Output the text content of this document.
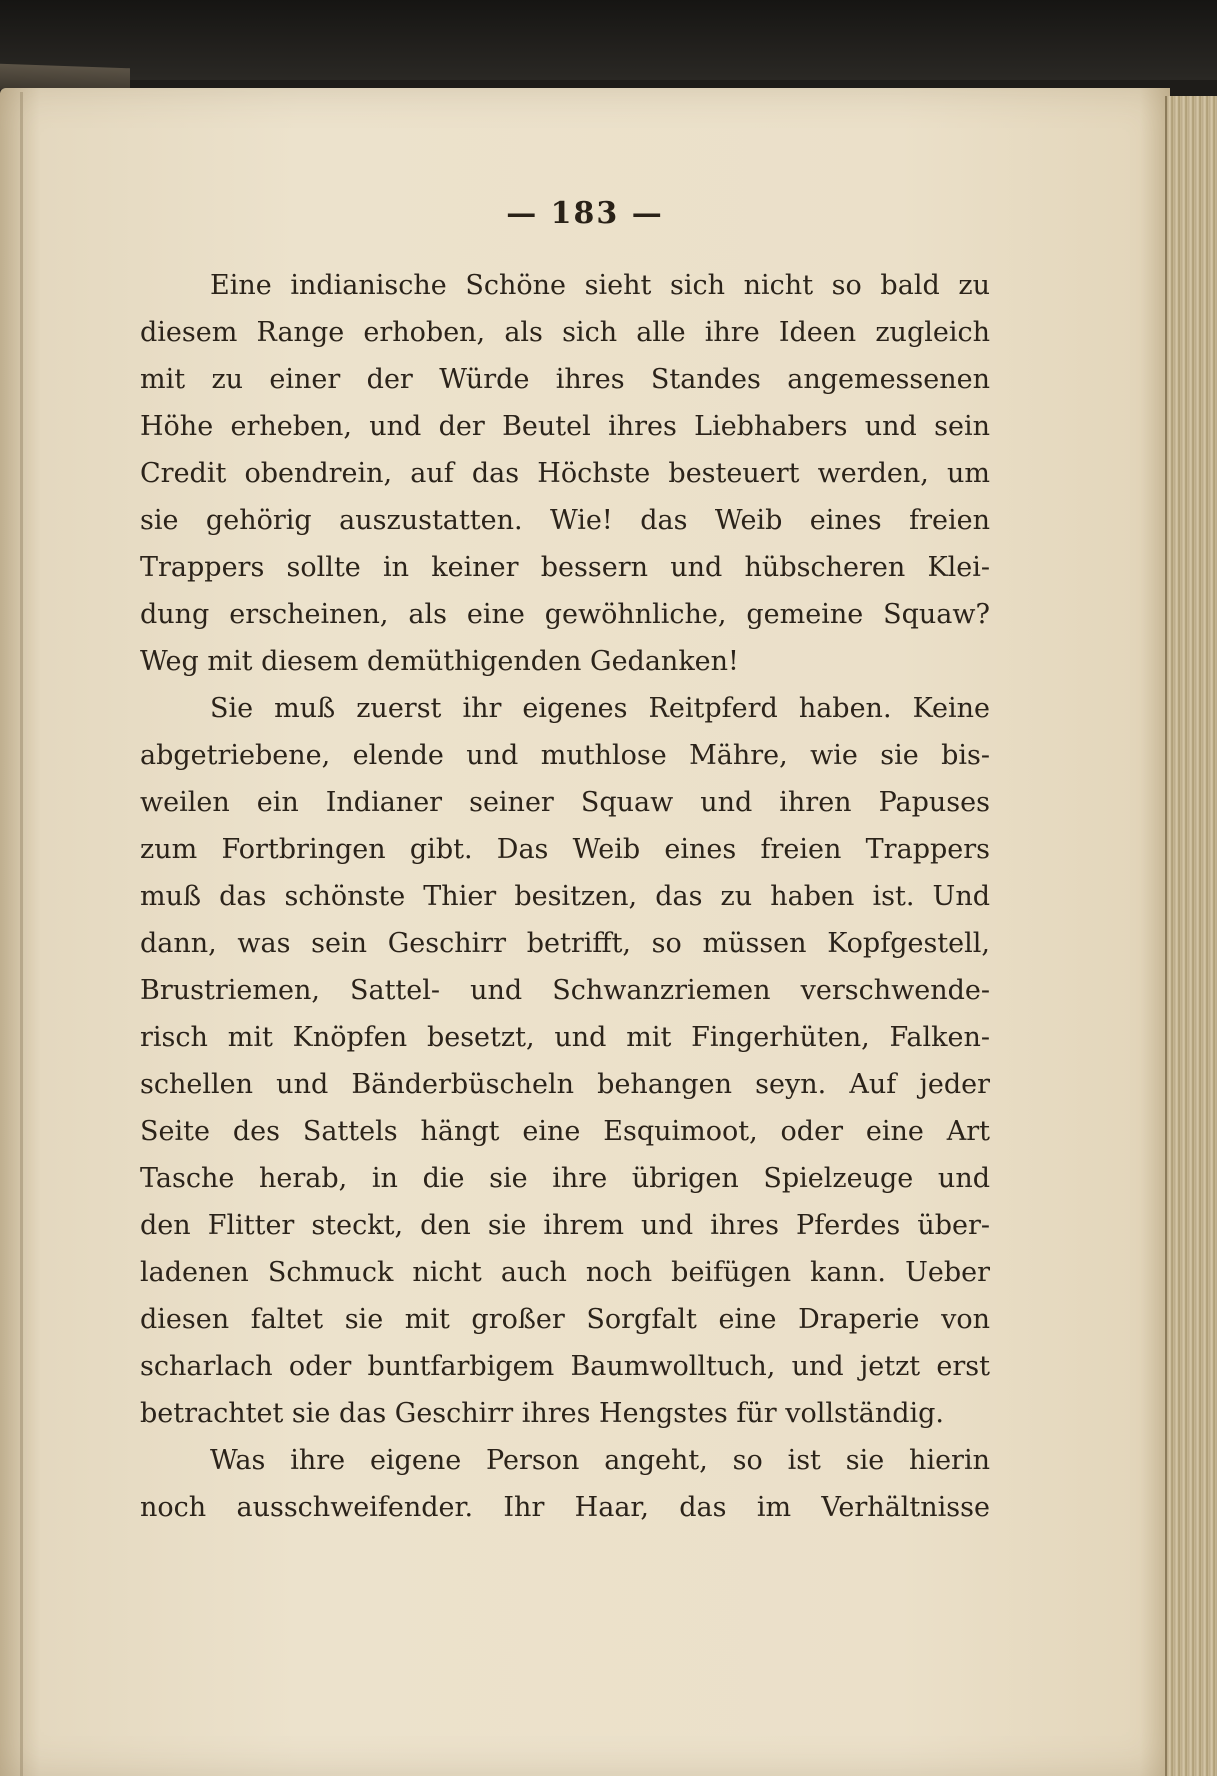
— 183 —
Eine indianische Schöne sieht sich nicht so bald zu
diesem Range erhoben, als sich alle ihre Ideen zugleich
mit zu einer der Würde ihres Standes angemessenen
Höhe erheben, und der Beutel ihres Liebhabers und sein
Credit obendrein, auf das Höchste besteuert werden, um
sie gehörig auszustatten. Wie! das Weib eines freien
Trappers sollte in keiner bessern und hübscheren Klei-
dung erscheinen, als eine gewöhnliche, gemeine Squaw?
Weg mit diesem demüthigenden Gedanken!
Sie muß zuerst ihr eigenes Reitpferd haben. Keine
abgetriebene, elende und muthlose Mähre, wie sie bis-
weilen ein Indianer seiner Squaw und ihren Papuses
zum Fortbringen gibt. Das Weib eines freien Trappers
muß das schönste Thier besitzen, das zu haben ist. Und
dann, was sein Geschirr betrifft, so müssen Kopfgestell,
Brustriemen, Sattel- und Schwanzriemen verschwende-
risch mit Knöpfen besetzt, und mit Fingerhüten, Falken-
schellen und Bänderbüscheln behangen seyn. Auf jeder
Seite des Sattels hängt eine Esquimoot, oder eine Art
Tasche herab, in die sie ihre übrigen Spielzeuge und
den Flitter steckt, den sie ihrem und ihres Pferdes über-
ladenen Schmuck nicht auch noch beifügen kann. Ueber
diesen faltet sie mit großer Sorgfalt eine Draperie von
scharlach oder buntfarbigem Baumwolltuch, und jetzt erst
betrachtet sie das Geschirr ihres Hengstes für vollständig.
Was ihre eigene Person angeht, so ist sie hierin
noch ausschweifender. Ihr Haar, das im Verhältnisse
